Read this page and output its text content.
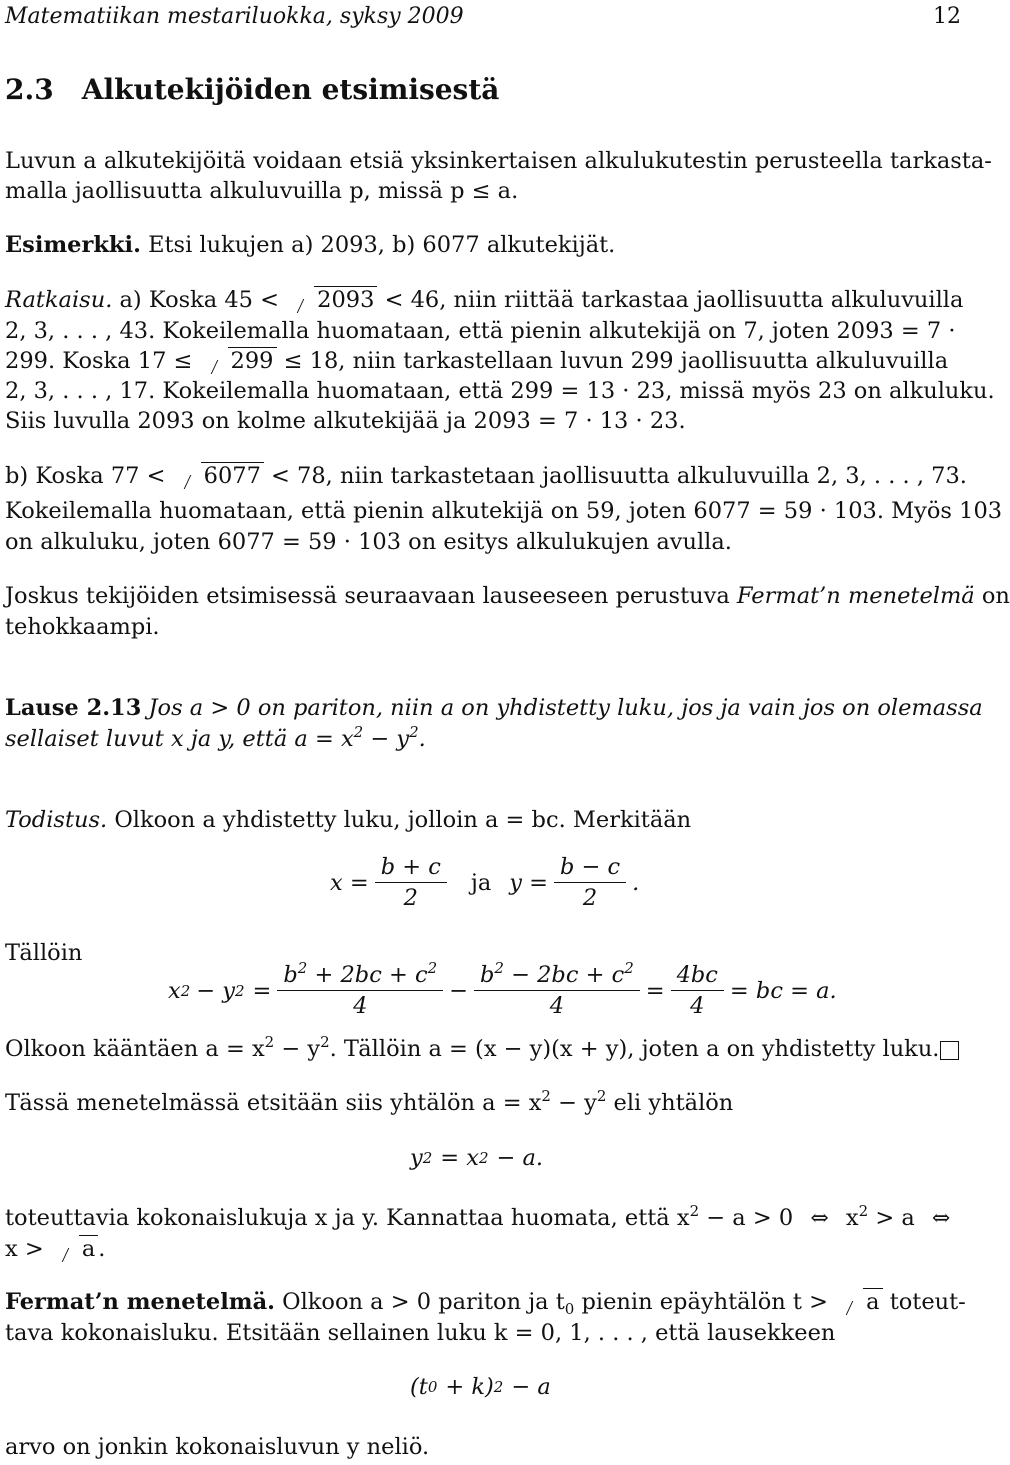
Matematiikan mestariluokka, syksy 2009	12
2.3 Alkutekijöiden etsimisestä
Luvun a alkutekijöitä voidaan etsiä yksinkertaisen alkulukutestin perusteella tarkasta-
malla jaollisuutta alkuluvuilla p, missä p ≤ a.
Esimerkki. Etsi lukujen a) 2093, b) 6077 alkutekijät.
Ratkaisu. a) Koska 45 < 2093 < 46, niin riittää tarkastaa jaollisuutta alkuluvuilla
2, 3, . . . , 43. Kokeilemalla huomataan, että pienin alkutekijä on 7, joten 2093 = 7 ·
299. Koska 17 ≤ 299 ≤ 18, niin tarkastellaan luvun 299 jaollisuutta alkuluvuilla
2, 3, . . . , 17. Kokeilemalla huomataan, että 299 = 13 · 23, missä myös 23 on alkuluku.
Siis luvulla 2093 on kolme alkutekijää ja 2093 = 7 · 13 · 23.
b) Koska 77 < 6077 < 78, niin tarkastetaan jaollisuutta alkuluvuilla 2, 3, . . . , 73.
Kokeilemalla huomataan, että pienin alkutekijä on 59, joten 6077 = 59 · 103. Myös 103
on alkuluku, joten 6077 = 59 · 103 on esitys alkulukujen avulla.
Joskus tekijöiden etsimisessä seuraavaan lauseeseen perustuva Fermat’n menetelmä on
tehokkaampi.
Lause 2.13 Jos a > 0 on pariton, niin a on yhdistetty luku, jos ja vain jos on olemassa
sellaiset luvut x ja y, että $a = x^2 - y^2$.
Todistus. Olkoon a yhdistetty luku, jolloin a = bc. Merkitään
$x = \frac{b + c}{2}$ ja $y = \frac{b - c}{2}$ .
Tällöin
x 2 − y $2 = \frac{b^2 + 2bc + c^2}{4} - \frac{b^2 - 2bc + c^2}{4} = \frac{4bc}{4}$ = bc = a.
Olkoon kääntäen $a = x^2 - y^2$. Tällöin a = (x − y)(x + y), joten a on yhdistetty luku.
Tässä menetelmässä etsitään siis yhtälön $a = x^2 - y^2$ eli yhtälön
y 2 = x 2 − a.
toteuttavia kokonaislukuja x ja y. Kannattaa huomata, että $x^2 - a > 0$ ⇔ $x^2 > a$ ⇔
x > a .
Fermat’n menetelmä. Olkoon a > 0 pariton ja $t_0$ pienin epäyhtälön t > a toteut-
tava kokonaisluku. Etsitään sellainen luku k = 0, 1, . . . , että lausekkeen
(t 0 + k) 2 − a
arvo on jonkin kokonaisluvun y neliö.
